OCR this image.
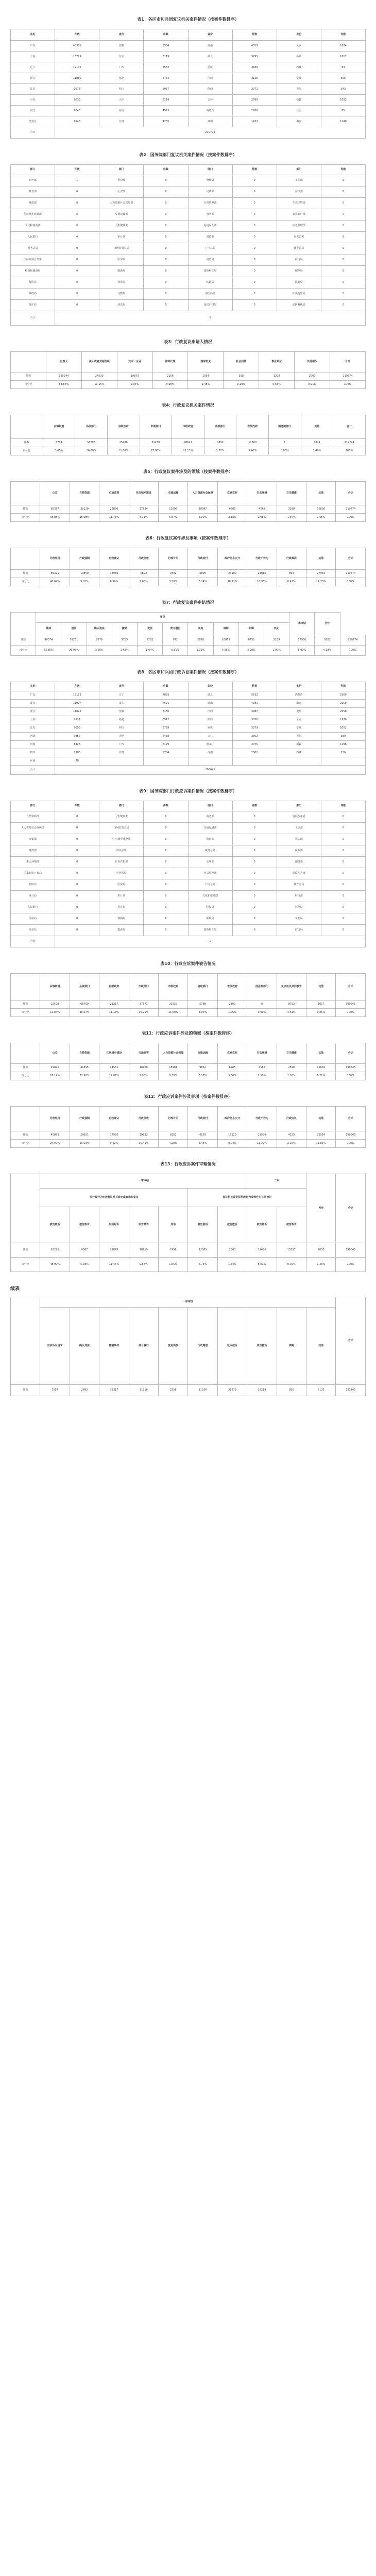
表1：各区市和兵团复议机关案件情况（按案件数排序）
省份	件数	省份	件数	省份	件数	省份	件数
广东	40386	安徽	8534	湖南	4359	云南	1804
上海	16729	北京	8119	湖北	3295	山西	1817
辽宁	12142	广西	7532	重庆	3189	西藏	83
浙江	11880	福建	6734	江西	3128	宁夏	596
江苏	9976	四川	5967	陕西	2971	青海	343
山东	9636	天津	5119	吉林	2599	新疆	1093
河北	9046	河南	4923	内蒙古	2289	兵团	65
黑龙江	8943	甘肃	4735	贵州	1932	海南	1149
合计	219774						
表2：国务院部门复议机关案件情况（按案件数排序）
部门	件数	部门	件数	部门	件数	部门	件数
商务部	1	科技部	0	统计局	0	工信部	0
教育部	0	公安部	0	民政部	0	司法部	0
财政部	0	人力资源社会保障部	0	自然资源部	0	生态环境部	0
住房城乡建设部	0	交通运输部	0	水利部	0	农业农村部	0
文化和旅游部	0	卫生健康委	0	退役军人部	0	应急管理部	0
人民银行	0	审计署	0	国资委	0	海关总署	0
税务总局	0	市场监管总局	0	广电总局	0	体育总局	0
国际发展合作署	0	医保局	0	国管局	0	信访局	0
粮食和储备局	0	能源局	0	国防科工局	0	烟草局	0
移民局	0	林草局	0	铁路局	0	民航局	0
邮政局	0	文物局	0	中医药局	0	矿山安监局	0
外汇局	0	药监局	0	知识产权局	0	消防救援局	0
合计	1						
表3：行政复议申请人情况
	自然人	法人或者其他组织	其中：企业	律师代理	国家机关	社会团体	事业单位	其他组织	合计
件数	195244	24530	19870	2156	1054	398	1208	2000	219774
百分比	88.84%	11.16%	9.04%	0.98%	0.48%	0.18%	0.55%	0.91%	100%
表4：行政复议机关案件情况
	乡镇街道	县级部门	县级政府	市级部门	市级政府	省级部门	省级政府	国务院部门	其他	合计
件数	6714	58893	25486	61230	48627	3892	11860	1	3071	219774
百分比	3.05%	26.80%	11.60%	27.86%	22.13%	1.77%	5.40%	0.00%	1.40%	100%
表5：行政复议案件涉及的领域（按案件数排序）
	公安	自然资源	市场监管	住房城乡建设	交通运输	人力资源社会保障	农业农村	生态环境	卫生健康	其他	合计
件数	85387	35129	25890	17834	12896	10987	6985	4562	3298	16806	219774
百分比	38.85%	15.98%	11.78%	8.11%	5.87%	5.00%	3.18%	2.08%	1.50%	7.65%	100%
表6：行政复议案件涉及事项（按案件数排序）
	行政处罚	行政强制	行政确认	行政征收	行政许可	行政给付	政府信息公开	行政不作为	行政裁决	其他	合计
件数	89321	19850	13986	5892	7832	6895	23109	24015	893	27981	219774
百分比	40.64%	9.03%	6.36%	2.68%	3.56%	3.14%	10.51%	10.93%	0.41%	12.73%	100%
表7：行政复议案件审结情况
	审结										未审结	合计	
	维持	驳回	确认违法	撤销	变更	责令履行	其他	调解	和解	终止			
件数	96374	59251	8579	5785	2282	672	2898	10869	8752	2189	12956	9182	219774
百分比	43.85%	26.96%	3.90%	2.63%	1.04%	0.31%	1.32%	4.95%	3.98%	1.00%	5.90%	4.18%	100%
表8：各区市和兵团行政诉讼案件情况（按案件数排序）
省份	件数	省份	件数	省份	件数	省份	件数
广东	13112	辽宁	7893	湖北	5632	内蒙古	2369
北京	11927	山东	7621	湖南	4981	山西	2259
浙江	11025	安徽	7130	江西	3987	贵州	2058
上海	9921	福建	6912	陕西	3856	云南	1976
江苏	9653	四川	6789	重庆	3579	宁夏	1052
河北	9357	天津	6458	吉林	3302	青海	389
河南	8426	广西	6129	黑龙江	3075	新疆	1196
四川	7983	甘肃	5784	海南	2581	西藏	136
兵团	78						
合计	190645						
表9：国务院部门行政应诉案件情况（按案件数排序）
部门	件数	部门	件数	部门	件数	部门	件数
自然资源部	0	卫生健康委	0	商务部	0	发展改革委	0
人力资源社会保障部	0	市场监管总局	0	交通运输部	0	工信部	0
公安部	0	住房城乡建设部	0	教育部	0	司法部	0
财政部	0	海关总署	0	税务总局	0	民政部	0
生态环境部	0	农业农村部	0	水利部	0	国资委	0
国家知识产权局	0	中医药局	0	应急管理部	0	退役军人部	0
药监局	0	医保局	0	广电总局	0	体育总局	0
统计局	0	审计署	0	文化和旅游部	0	科技部	0
人民银行	0	外汇局	0	移民局	0	林草局	0
民航局	0	铁路局	0	邮政局	0	文物局	0
烟草局	0	能源局	0	国防科工局	0	信访局	0
合计	0						
表10：行政应诉案件被告情况
	乡镇街道	县级部门	县级政府	市级部门	市级政府	省级部门	省级政府	国务院部门	复议机关共同被告	其他	合计
件数	22578	68769	21217	37571	21932	5788	2380	0	8793	1617	190645
百分比	11.84%	36.07%	11.13%	19.71%	11.50%	3.04%	1.25%	0.00%	4.61%	0.85%	100%
表11：行政应诉案件涉及的领域（按案件数排序）
	公安	自然资源	住房城乡建设	市场监管	人力资源社会保障	交通运输	农业农村	生态环境	卫生健康	其他	合计
件数	49826	41895	24531	18960	15981	9852	6785	4562	2598	15655	190645
百分比	26.14%	21.98%	12.87%	9.95%	8.38%	5.17%	3.56%	2.39%	1.36%	8.21%	100%
表12：行政应诉案件涉及事项（按案件数排序）
	行政处罚	行政强制	行政确认	行政征收	行政许可	行政给付	政府信息公开	行政不作为	行政协议	其他	合计
件数	45893	28651	17956	19852	8152	6593	15320	21589	4125	22514	190645
百分比	24.07%	15.03%	9.42%	10.41%	4.28%	3.46%	8.04%	11.32%	2.16%	11.81%	100%
表13：行政应诉案件审理情况
	一审审结							二审		再审	合计
	原行政行为未被复议机关改变或者未经复议					复议机关改变原行政行为或者作为共同被告					
	被告胜诉	被告败诉	驳回起诉	原告撤诉	其他	被告胜诉	被告败诉	被告胜诉	被告败诉		
件数	93225	9587	21845	18219	2958	12865	2563	11456	15297	2630	190645
百分比	48.90%	5.03%	11.46%	9.56%	1.55%	6.75%	1.34%	6.01%	8.02%	1.38%	100%
续表
	一审审结										合计
	驳回诉讼请求	确认违法	撤销判决	责令履行	变更判决	行政赔偿	驳回起诉	原告撤诉	调解	其他	
件数	7057	2892	32317	11516	2258	11026	31872	18219	856	5132	123145
